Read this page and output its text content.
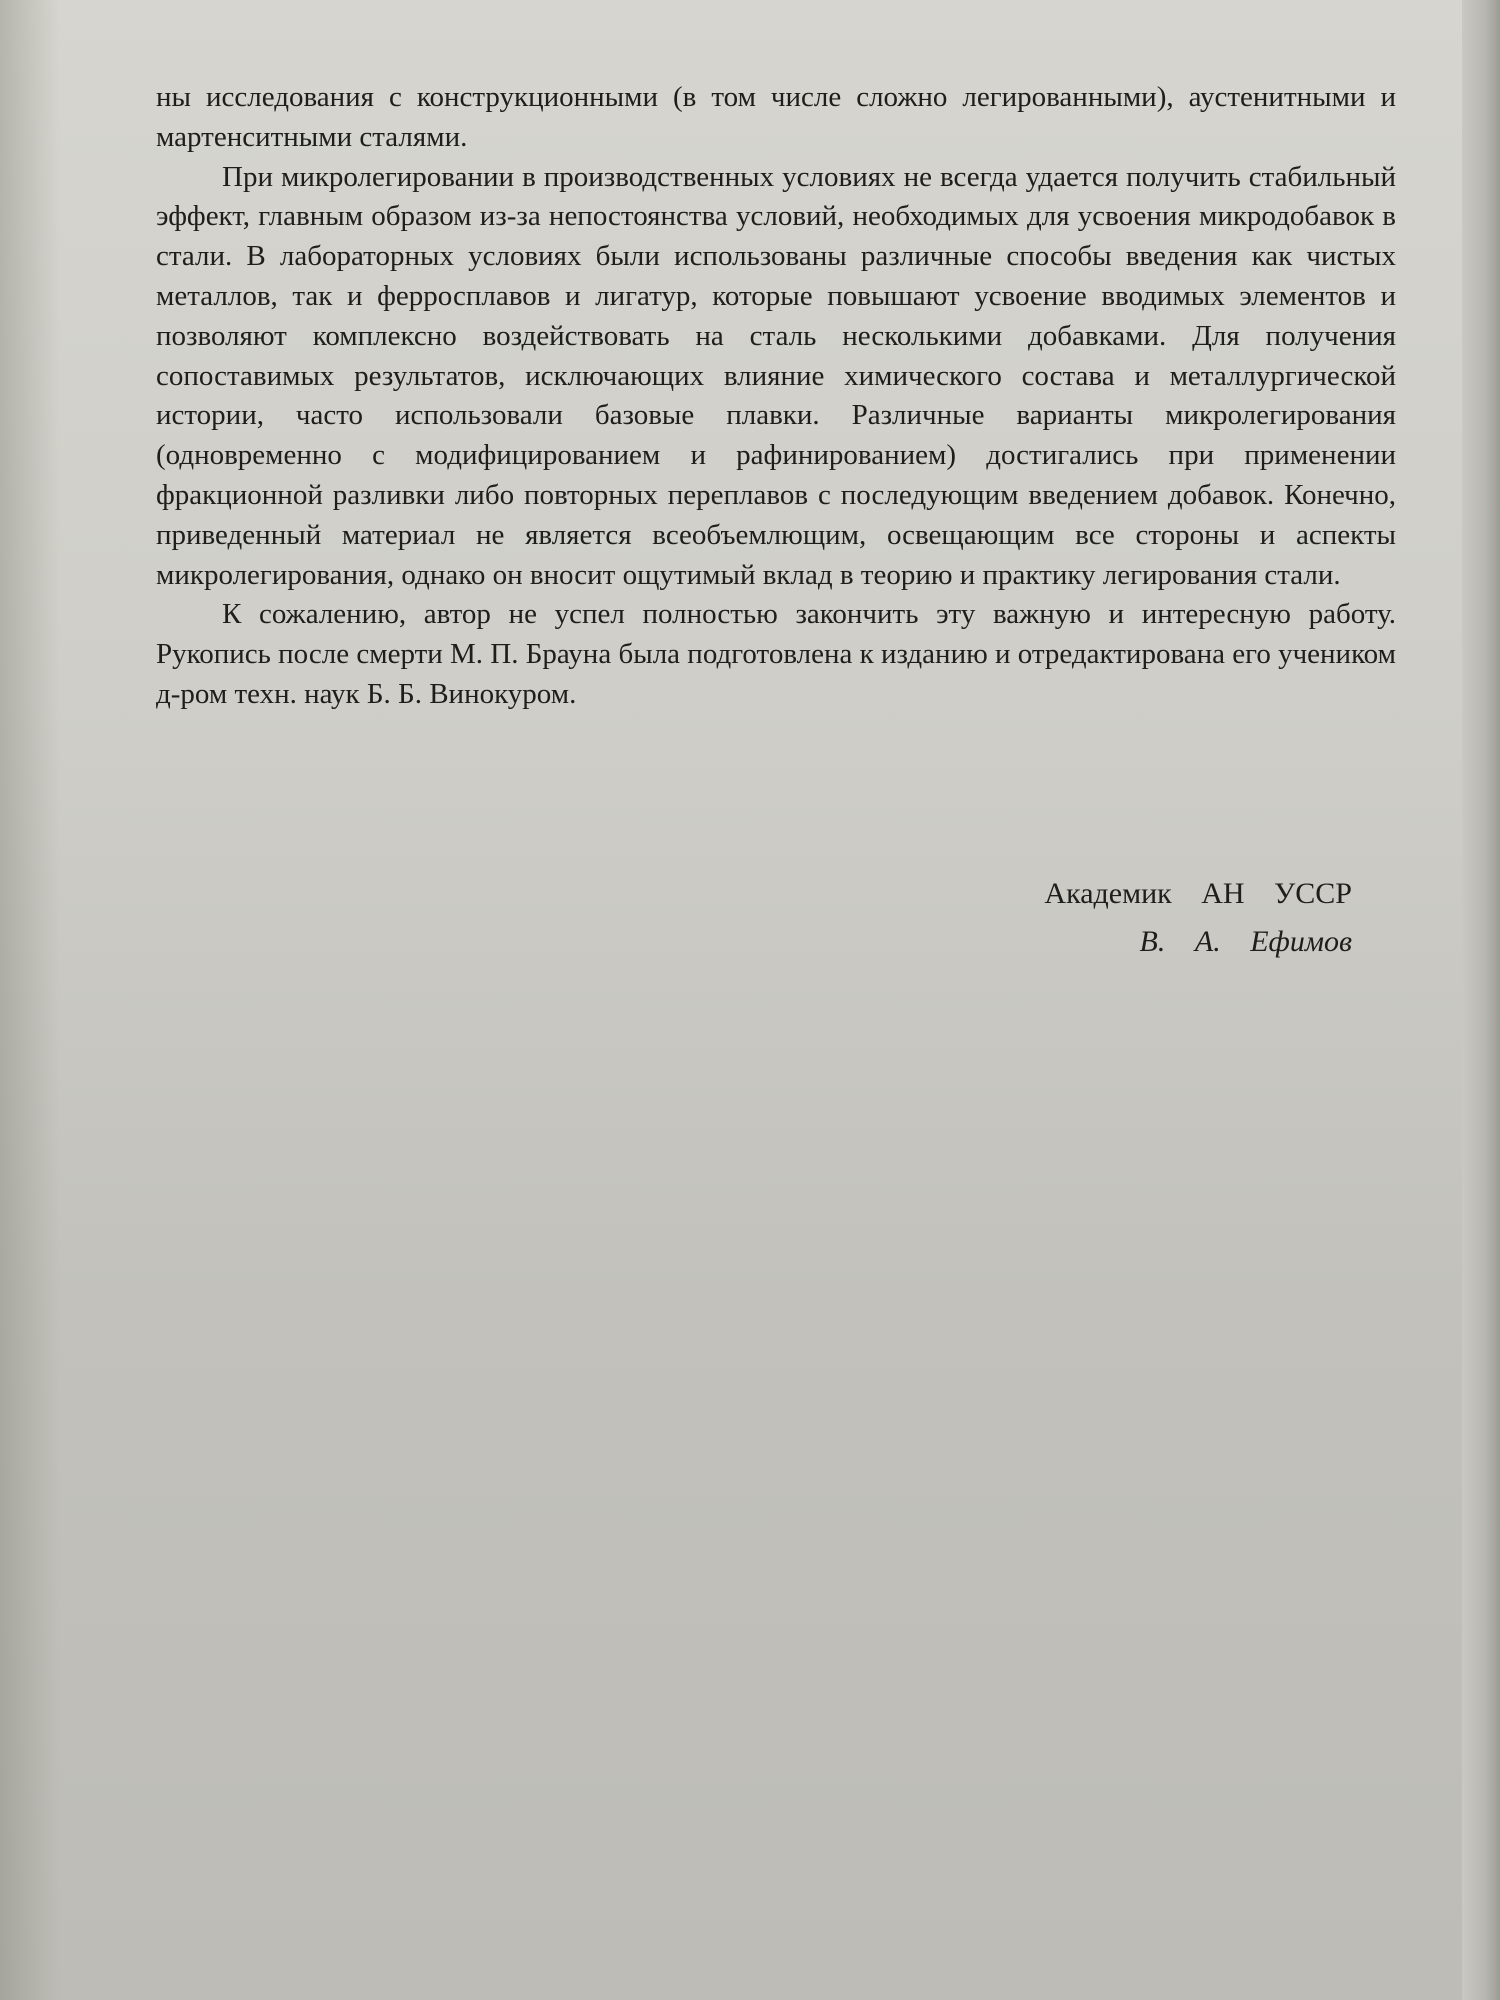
ны исследования с конструкционными (в том числе сложно легированными), аустенитными и мартенситными сталями.

При микролегировании в производственных условиях не всегда удается получить стабильный эффект, главным образом из-за непостоянства условий, необходимых для усвоения микродобавок в стали. В лабораторных условиях были использованы различные способы введения как чистых металлов, так и ферросплавов и лигатур, которые повышают усвоение вводимых элементов и позволяют комплексно воздействовать на сталь несколькими добавками. Для получения сопоставимых результатов, исключающих влияние химического состава и металлургической истории, часто использовали базовые плавки. Различные варианты микролегирования (одновременно с модифицированием и рафинированием) достигались при применении фракционной разливки либо повторных переплавов с последующим введением добавок. Конечно, приведенный материал не является всеобъемлющим, освещающим все стороны и аспекты микролегирования, однако он вносит ощутимый вклад в теорию и практику легирования стали.

К сожалению, автор не успел полностью закончить эту важную и интересную работу. Рукопись после смерти М. П. Брауна была подготовлена к изданию и отредактирована его учеником д-ром техн. наук Б. Б. Винокуром.

Академик АН УССР
В. А. Ефимов
